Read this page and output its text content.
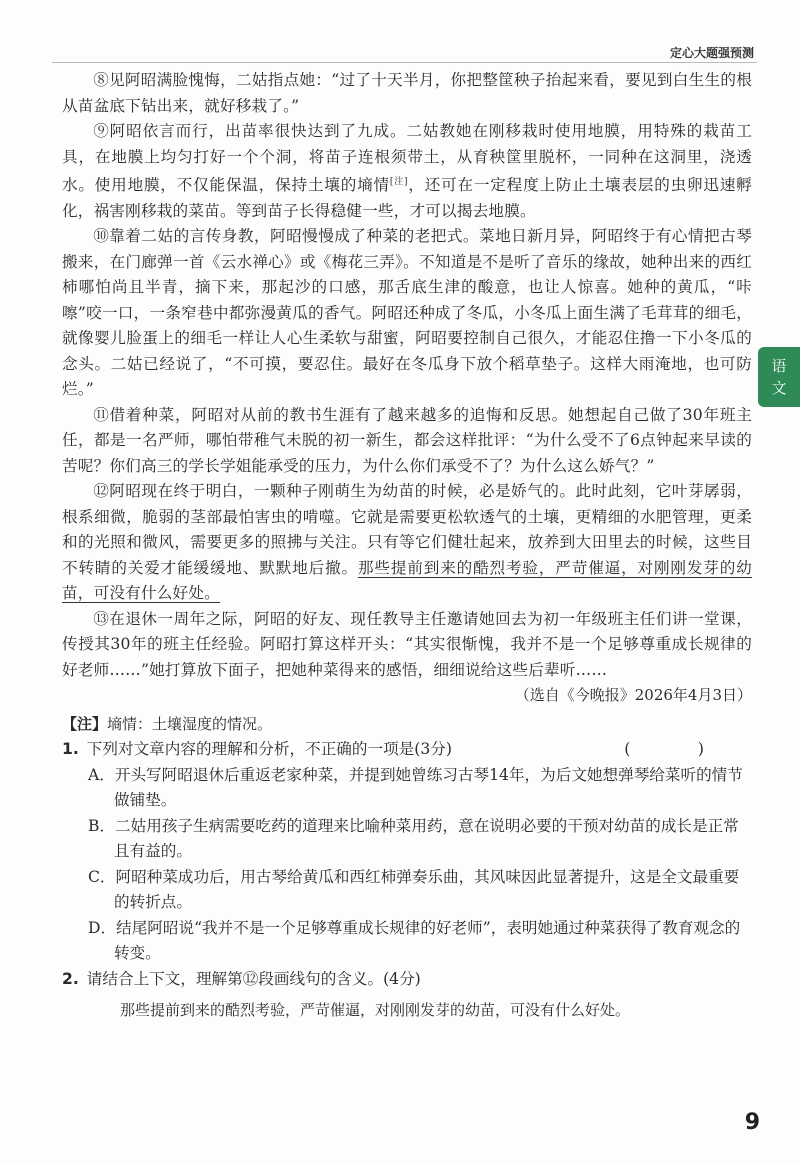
定心大题强预测
语
文

⑧见阿昭满脸愧悔，二姑指点她：“过了十天半月，你把整筐秧子抬起来看，要见到白生生的根从苗盆底下钻出来，就好移栽了。”

⑨阿昭依言而行，出苗率很快达到了九成。二姑教她在刚移栽时使用地膜，用特殊的栽苗工具，在地膜上均匀打好一个个洞，将苗子连根须带土，从育秧筐里脱杯，一同种在这洞里，浇透水。使用地膜，不仅能保温，保持土壤的墒情[注]，还可在一定程度上防止土壤表层的虫卵迅速孵化，祸害刚移栽的菜苗。等到苗子长得稳健一些，才可以揭去地膜。

⑩靠着二姑的言传身教，阿昭慢慢成了种菜的老把式。菜地日新月异，阿昭终于有心情把古琴搬来，在门廊弹一首《云水禅心》或《梅花三弄》。不知道是不是听了音乐的缘故，她种出来的西红柿哪怕尚且半青，摘下来，那起沙的口感，那舌底生津的酸意，也让人惊喜。她种的黄瓜，“咔嚓”咬一口，一条窄巷中都弥漫黄瓜的香气。阿昭还种成了冬瓜，小冬瓜上面生满了毛茸茸的细毛，就像婴儿脸蛋上的细毛一样让人心生柔软与甜蜜，阿昭要控制自己很久，才能忍住撸一下小冬瓜的念头。二姑已经说了，“不可摸，要忍住。最好在冬瓜身下放个稻草垫子。这样大雨淹地，也可防烂。”

⑪借着种菜，阿昭对从前的教书生涯有了越来越多的追悔和反思。她想起自己做了30年班主任，都是一名严师，哪怕带稚气未脱的初一新生，都会这样批评：“为什么受不了6点钟起来早读的苦呢？你们高三的学长学姐能承受的压力，为什么你们承受不了？为什么这么娇气？”

⑫阿昭现在终于明白，一颗种子刚萌生为幼苗的时候，必是娇气的。此时此刻，它叶芽孱弱，根系细微，脆弱的茎部最怕害虫的啃噬。它就是需要更松软透气的土壤，更精细的水肥管理，更柔和的光照和微风，需要更多的照拂与关注。只有等它们健壮起来，放养到大田里去的时候，这些目不转睛的关爱才能缓缓地、默默地后撤。那些提前到来的酷烈考验，严苛催逼，对刚刚发芽的幼苗，可没有什么好处。

⑬在退休一周年之际，阿昭的好友、现任教导主任邀请她回去为初一年级班主任们讲一堂课，传授其30年的班主任经验。阿昭打算这样开头：“其实很惭愧，我并不是一个足够尊重成长规律的好老师……”她打算放下面子，把她种菜得来的感悟，细细说给这些后辈听……

（选自《今晚报》2026年4月3日）

【注】墒情：土壤湿度的情况。

1. 下列对文章内容的理解和分析，不正确的一项是(3分)	(　)

A．开头写阿昭退休后重返老家种菜，并提到她曾练习古琴14年，为后文她想弹琴给菜听的情节做铺垫。

B．二姑用孩子生病需要吃药的道理来比喻种菜用药，意在说明必要的干预对幼苗的成长是正常且有益的。

C．阿昭种菜成功后，用古琴给黄瓜和西红柿弹奏乐曲，其风味因此显著提升，这是全文最重要的转折点。

D．结尾阿昭说“我并不是一个足够尊重成长规律的好老师”，表明她通过种菜获得了教育观念的转变。

2. 请结合上下文，理解第⑫段画线句的含义。(4分)

那些提前到来的酷烈考验，严苛催逼，对刚刚发芽的幼苗，可没有什么好处。

9
